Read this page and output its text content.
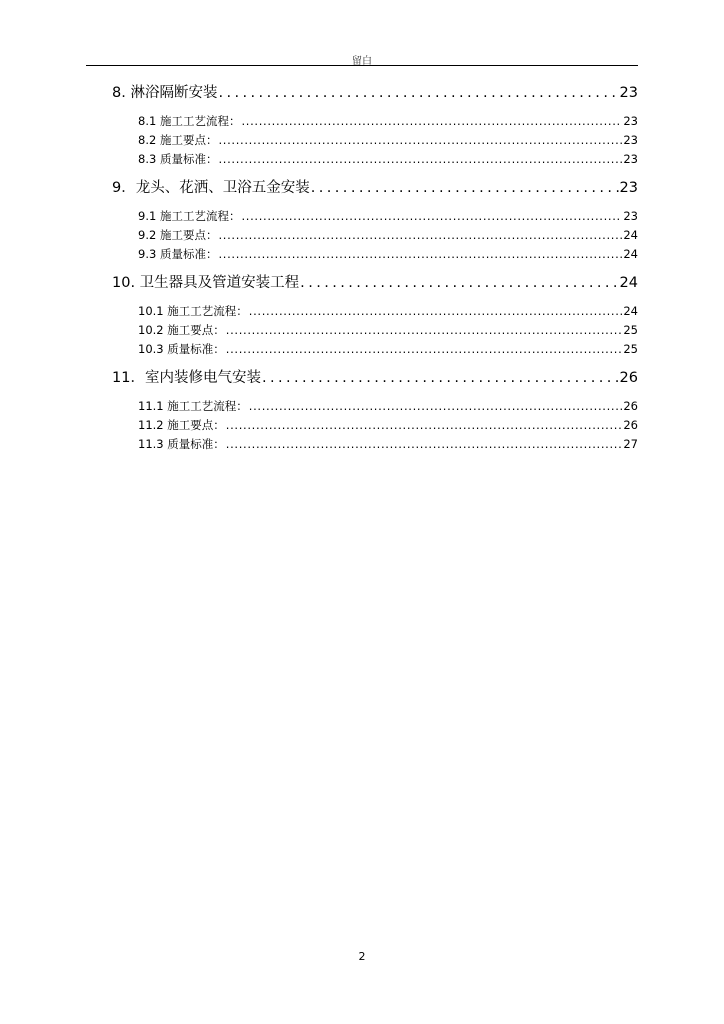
留白
8. 淋浴隔断安装 . . .	23
8.1 施工工艺流程： . . .	23
8.2 施工要点： . . .	23
8.3 质量标准： . . .	23
9．龙头、花洒、卫浴五金安装 . . .	23
9.1 施工工艺流程： . . .	23
9.2 施工要点： . . .	24
9.3 质量标准： . . .	24
10. 卫生器具及管道安装工程 . . .	24
10.1 施工工艺流程： . . .	24
10.2 施工要点： . . .	25
10.3 质量标准： . . .	25
11．室内装修电气安装 . . .	26
11.1 施工工艺流程： . . .	26
11.2 施工要点： . . .	26
11.3 质量标准： . . .	27
2
